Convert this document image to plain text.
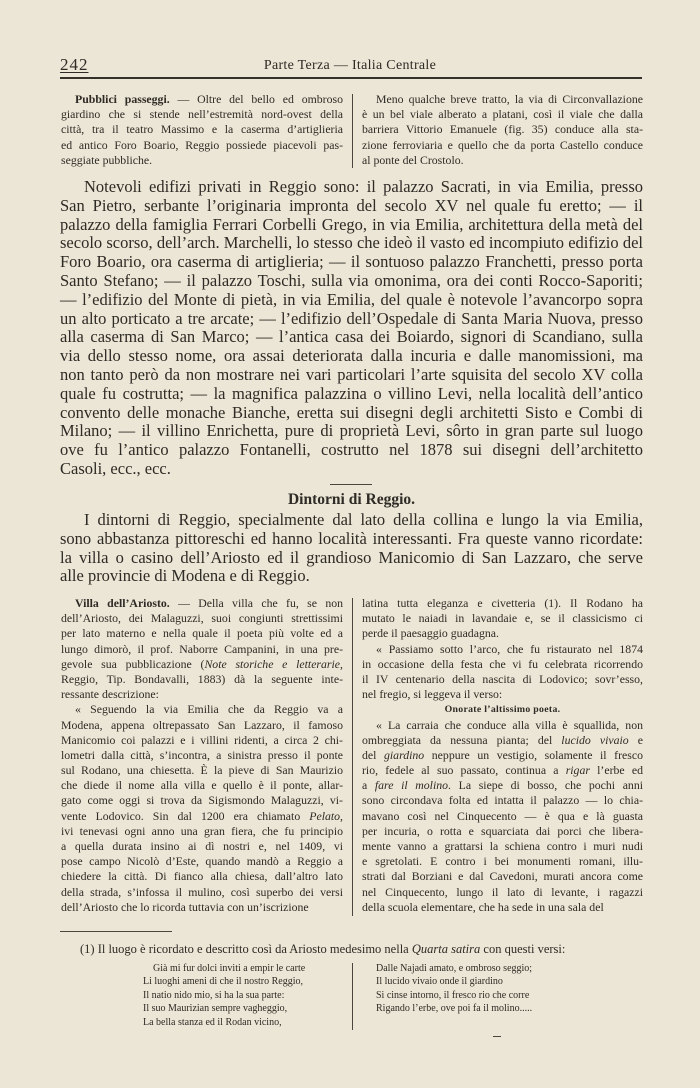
242	Parte Terza — Italia Centrale
Pubblici passeggi. — Oltre del bello ed ombroso
giardino che si stende nell’estremità nord-ovest della
città, tra il teatro Massimo e la caserma d’artiglieria
ed antico Foro Boario, Reggio possiede piacevoli pas-
seggiate pubbliche.
Meno qualche breve tratto, la via di Circonvallazione
è un bel viale alberato a platani, così il viale che dalla
barriera Vittorio Emanuele (fig. 35) conduce alla sta-
zione ferroviaria e quello che da porta Castello conduce
al ponte del Crostolo.
Notevoli edifizi privati in Reggio sono: il palazzo Sacrati, in via Emilia, presso
San Pietro, serbante l’originaria impronta del secolo XV nel quale fu eretto; — il
palazzo della famiglia Ferrari Corbelli Grego, in via Emilia, architettura della metà del
secolo scorso, dell’arch. Marchelli, lo stesso che ideò il vasto ed incompiuto edifizio del
Foro Boario, ora caserma di artiglieria; — il sontuoso palazzo Franchetti, presso porta
Santo Stefano; — il palazzo Toschi, sulla via omonima, ora dei conti Rocco-Saporiti;
— l’edifizio del Monte di pietà, in via Emilia, del quale è notevole l’avancorpo sopra
un alto porticato a tre arcate; — l’edifizio dell’Ospedale di Santa Maria Nuova, presso
alla caserma di San Marco; — l’antica casa dei Boiardo, signori di Scandiano, sulla
via dello stesso nome, ora assai deteriorata dalla incuria e dalle manomissioni, ma
non tanto però da non mostrare nei vari particolari l’arte squisita del secolo XV colla
quale fu costrutta; — la magnifica palazzina o villino Levi, nella località dell’antico
convento delle monache Bianche, eretta sui disegni degli architetti Sisto e Combi di
Milano; — il villino Enrichetta, pure di proprietà Levi, sôrto in gran parte sul luogo
ove fu l’antico palazzo Fontanelli, costrutto nel 1878 sui disegni dell’architetto
Casoli, ecc., ecc.
Dintorni di Reggio.
I dintorni di Reggio, specialmente dal lato della collina e lungo la via Emilia,
sono abbastanza pittoreschi ed hanno località interessanti. Fra queste vanno ricordate:
la villa o casino dell’Ariosto ed il grandioso Manicomio di San Lazzaro, che serve
alle provincie di Modena e di Reggio.
Villa dell’Ariosto. — Della villa che fu, se non
dell’Ariosto, dei Malaguzzi, suoi congiunti strettissimi
per lato materno e nella quale il poeta più volte ed a
lungo dimorò, il prof. Naborre Campanini, in una pre-
gevole sua pubblicazione (Note storiche e letterarie,
Reggio, Tip. Bondavalli, 1883) dà la seguente inte-
ressante descrizione:
« Seguendo la via Emilia che da Reggio va a
Modena, appena oltrepassato San Lazzaro, il famoso
Manicomio coi palazzi e i villini ridenti, a circa 2 chi-
lometri dalla città, s’incontra, a sinistra presso il ponte
sul Rodano, una chiesetta. È la pieve di San Maurizio
che diede il nome alla villa e quello è il ponte, allar-
gato come oggi si trova da Sigismondo Malaguzzi, vi-
vente Lodovico. Sin dal 1200 era chiamato Pelato,
ivi tenevasi ogni anno una gran fiera, che fu principio
a quella durata insino ai dì nostri e, nel 1409, vi
pose campo Nicolò d’Este, quando mandò a Reggio a
chiedere la città. Di fianco alla chiesa, dall’altro lato
della strada, s’infossa il mulino, così superbo dei versi
dell’Ariosto che lo ricorda tuttavia con un’iscrizione
latina tutta eleganza e civetteria (1). Il Rodano ha
mutato le naiadi in lavandaie e, se il classicismo ci
perde il paesaggio guadagna.
« Passiamo sotto l’arco, che fu ristaurato nel 1874
in occasione della festa che vi fu celebrata ricorrendo
il IV centenario della nascita di Lodovico; sovr’esso,
nel fregio, si leggeva il verso:
Onorate l’altissimo poeta.
« La carraia che conduce alla villa è squallida, non
ombreggiata da nessuna pianta; del lucido vivaio e
del giardino neppure un vestigio, solamente il fresco
rio, fedele al suo passato, continua a rigar l’erbe ed
a fare il molino. La siepe di bosso, che pochi anni
sono circondava folta ed intatta il palazzo — lo chia-
mavano così nel Cinquecento — è qua e là guasta
per incuria, o rotta e squarciata dai porci che libera-
mente vanno a grattarsi la schiena contro i muri nudi
e sgretolati. E contro i bei monumenti romani, illu-
strati dal Borziani e dal Cavedoni, murati ancora come
nel Cinquecento, lungo il lato di levante, i ragazzi
della scuola elementare, che ha sede in una sala del
(1) Il luogo è ricordato e descritto così da Ariosto medesimo nella Quarta satira con questi versi:
Già mi fur dolci inviti a empir le carte
Li luoghi ameni di che il nostro Reggio,
Il natio nido mio, si ha la sua parte:
Il suo Maurizian sempre vagheggio,
La bella stanza ed il Rodan vicino,
Dalle Najadi amato, e ombroso seggio;
Il lucido vivaio onde il giardino
Si cinse intorno, il fresco rio che corre
Rigando l’erbe, ove poi fa il molino.....
